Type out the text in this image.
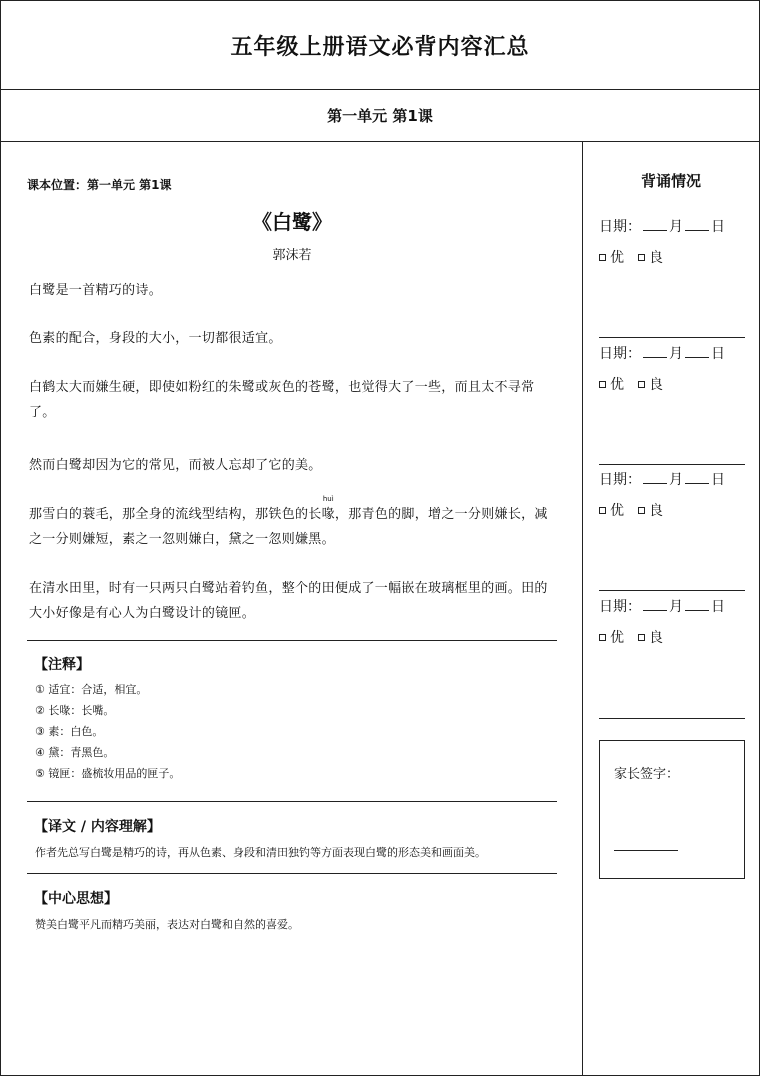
五年级上册语文必背内容汇总
第一单元 第1课
课本位置：第一单元 第1课
《白鹭》
郭沫若
白鹭是一首精巧的诗。
色素的配合，身段的大小，一切都很适宜。
白鹤太大而嫌生硬，即使如粉红的朱鹭或灰色的苍鹭，也觉得大了一些，而且太不寻常了。
然而白鹭却因为它的常见，而被人忘却了它的美。
那雪白的蓑毛，那全身的流线型结构，那铁色的长喙
huì
，那青色的脚，增之一分则嫌长，减之一分则嫌短，素之一忽则嫌白，黛之一忽则嫌黑。
在清水田里，时有一只两只白鹭站着钓鱼，整个的田便成了一幅嵌在玻璃框里的画。田的大小好像是有心人为白鹭设计的镜匣。
【注释】
① 适宜：合适，相宜。
② 长喙：长嘴。
③ 素：白色。
④ 黛：青黑色。
⑤ 镜匣：盛梳妆用品的匣子。
【译文 / 内容理解】
作者先总写白鹭是精巧的诗，再从色素、身段和清田独钓等方面表现白鹭的形态美和画面美。
【中心思想】
赞美白鹭平凡而精巧美丽，表达对白鹭和自然的喜爱。
背诵情况
日期： 月 日
优 良
日期： 月 日
优 良
日期： 月 日
优 良
日期： 月 日
优 良
家长签字：
